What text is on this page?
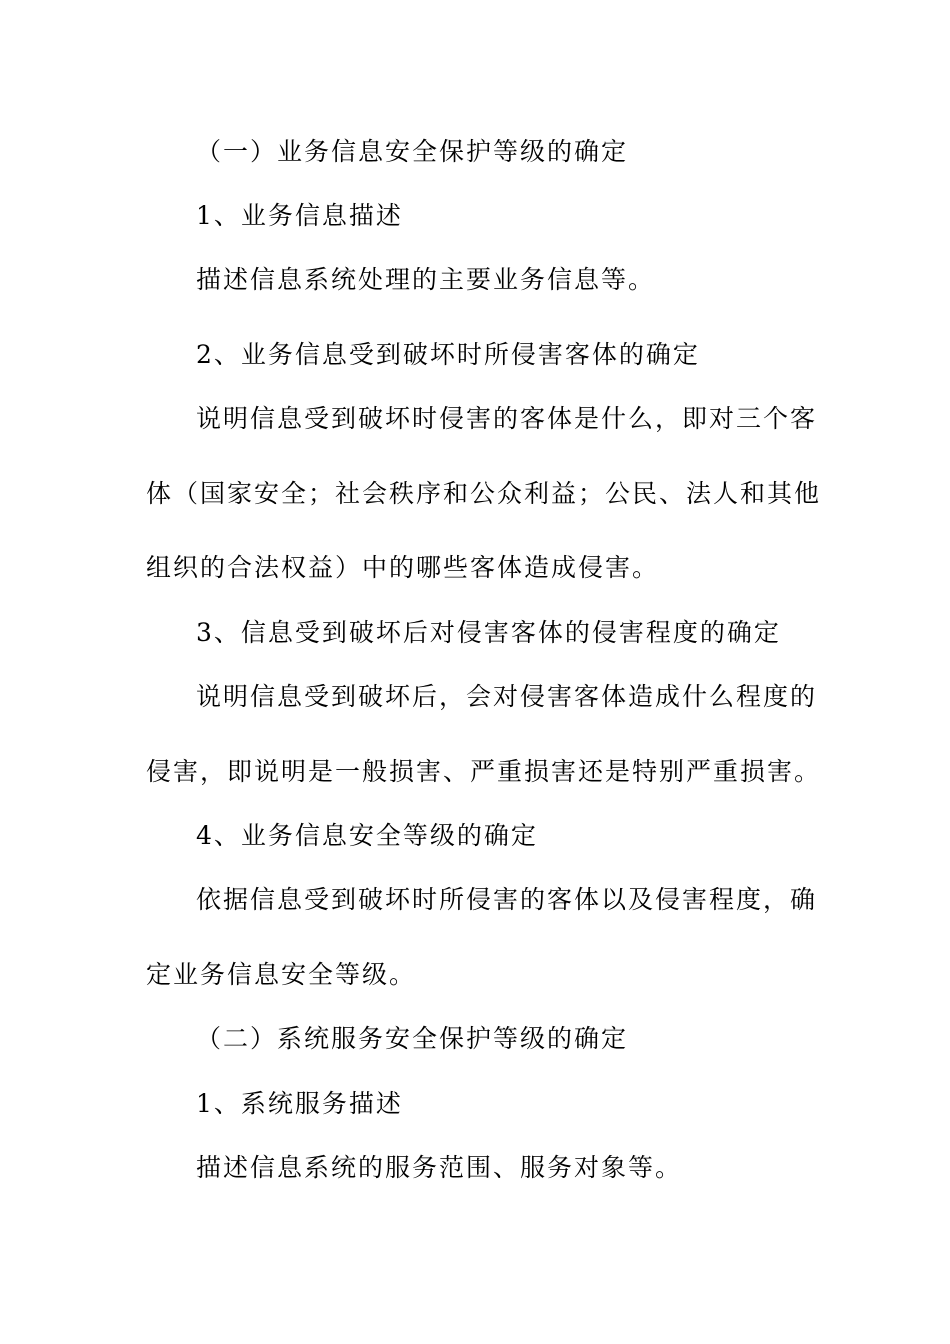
（一）业务信息安全保护等级的确定
1、业务信息描述
描述信息系统处理的主要业务信息等。
2、业务信息受到破坏时所侵害客体的确定
说明信息受到破坏时侵害的客体是什么，即对三个客
体（国家安全；社会秩序和公众利益；公民、法人和其他
组织的合法权益）中的哪些客体造成侵害。
3、信息受到破坏后对侵害客体的侵害程度的确定
说明信息受到破坏后，会对侵害客体造成什么程度的
侵害，即说明是一般损害、严重损害还是特别严重损害。
4、业务信息安全等级的确定
依据信息受到破坏时所侵害的客体以及侵害程度，确
定业务信息安全等级。
（二）系统服务安全保护等级的确定
1、系统服务描述
描述信息系统的服务范围、服务对象等。
